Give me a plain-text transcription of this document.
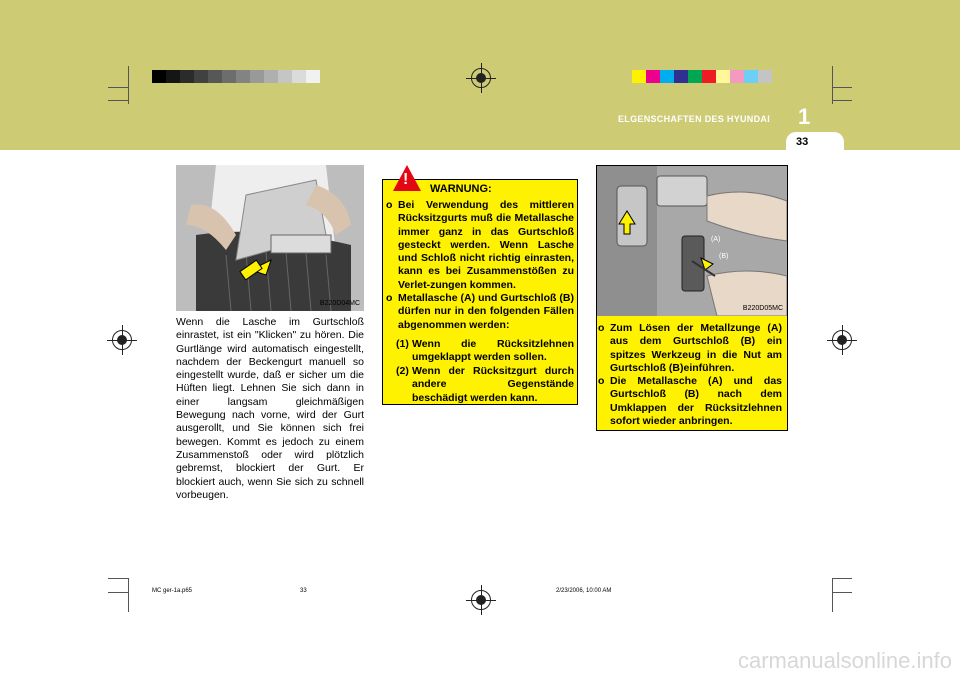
ELGENSCHAFTEN DES HYUNDAI 1
33
B220D04MC
Wenn die Lasche im Gurtschloß einrastet, ist ein "Klicken" zu hören. Die Gurtlänge wird automatisch eingestellt, nachdem der Beckengurt manuell so eingestellt wurde, daß er sicher um die Hüften liegt. Lehnen Sie sich dann in einer langsam gleichmäßigen Bewegung nach vorne, wird der Gurt ausgerollt, und Sie können sich frei bewegen. Kommt es jedoch zu einem Zusammenstoß oder wird plötzlich gebremst, blockiert der Gurt. Er blockiert auch, wenn Sie sich zu schnell vorbeugen.
!
WARNUNG:
o Bei Verwendung des mittleren Rücksitzgurts muß die Metallasche immer ganz in das Gurtschloß gesteckt werden. Wenn Lasche und Schloß nicht richtig einrasten, kann es bei Zusammenstößen zu Verlet-zungen kommen.
o Metallasche (A) und Gurtschloß (B) dürfen nur in den folgenden Fällen abgenommen werden:
(1) Wenn die Rücksitzlehnen umgeklappt werden sollen.
(2) Wenn der Rücksitzgurt durch andere Gegenstände beschädigt werden kann.
(A)
(B)
B220D05MC
o Zum Lösen der Metallzunge (A) aus dem Gurtschloß (B) ein spitzes Werkzeug in die Nut am Gurtschloß (B)einführen.
o Die Metallasche (A) und das Gurtschloß (B) nach dem Umklappen der Rücksitzlehnen sofort wieder anbringen.
MC ger-1a.p65	33	2/23/2006, 10:00 AM
carmanualsonline.info
